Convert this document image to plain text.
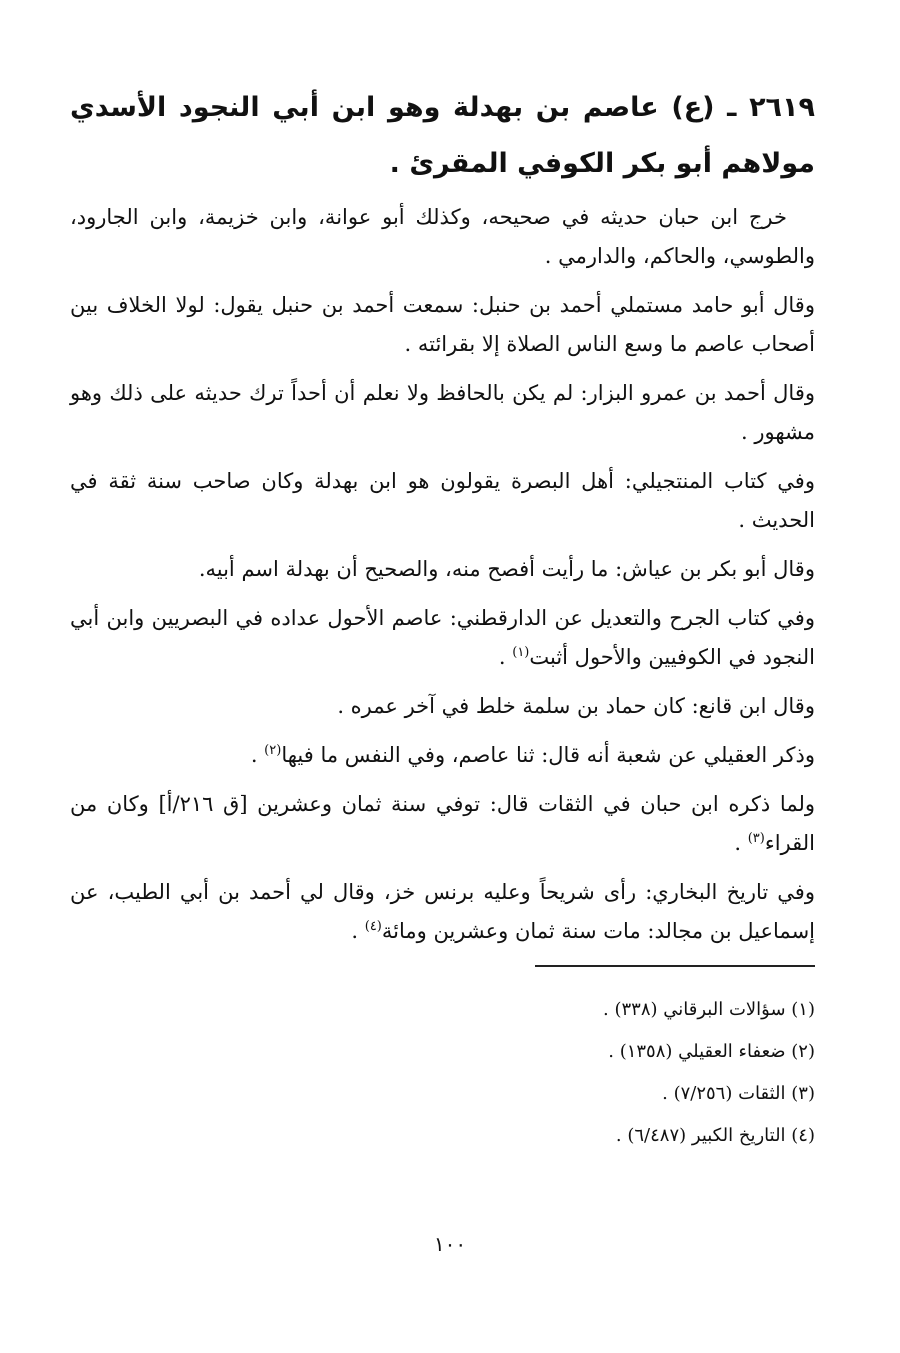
٢٦١٩ ـ (ع) عاصم بن بهدلة وهو ابن أبي النجود الأسدي مولاهم أبو بكر الكوفي المقرئ .

خرج ابن حبان حديثه في صحيحه، وكذلك أبو عوانة، وابن خزيمة، وابن الجارود، والطوسي، والحاكم، والدارمي .

وقال أبو حامد مستملي أحمد بن حنبل: سمعت أحمد بن حنبل يقول: لولا الخلاف بين أصحاب عاصم ما وسع الناس الصلاة إلا بقرائته .

وقال أحمد بن عمرو البزار: لم يكن بالحافظ ولا نعلم أن أحداً ترك حديثه على ذلك وهو مشهور .

وفي كتاب المنتجيلي: أهل البصرة يقولون هو ابن بهدلة وكان صاحب سنة ثقة في الحديث .

وقال أبو بكر بن عياش: ما رأيت أفصح منه، والصحيح أن بهدلة اسم أبيه.

وفي كتاب الجرح والتعديل عن الدارقطني: عاصم الأحول عداده في البصريين وابن أبي النجود في الكوفيين والأحول أثبت$^{(١)}$ .

وقال ابن قانع: كان حماد بن سلمة خلط في آخر عمره .

وذكر العقيلي عن شعبة أنه قال: ثنا عاصم، وفي النفس ما فيها$^{(٢)}$ .

ولما ذكره ابن حبان في الثقات قال: توفي سنة ثمان وعشرين [ق ٢١٦/أ] وكان من القراء$^{(٣)}$ .

وفي تاريخ البخاري: رأى شريحاً وعليه برنس خز، وقال لي أحمد بن أبي الطيب، عن إسماعيل بن مجالد: مات سنة ثمان وعشرين ومائة$^{(٤)}$ .

(١) سؤالات البرقاني (٣٣٨) .

(٢) ضعفاء العقيلي (١٣٥٨) .

(٣) الثقات (٧/٢٥٦) .

(٤) التاريخ الكبير (٦/٤٨٧) .

١٠٠
